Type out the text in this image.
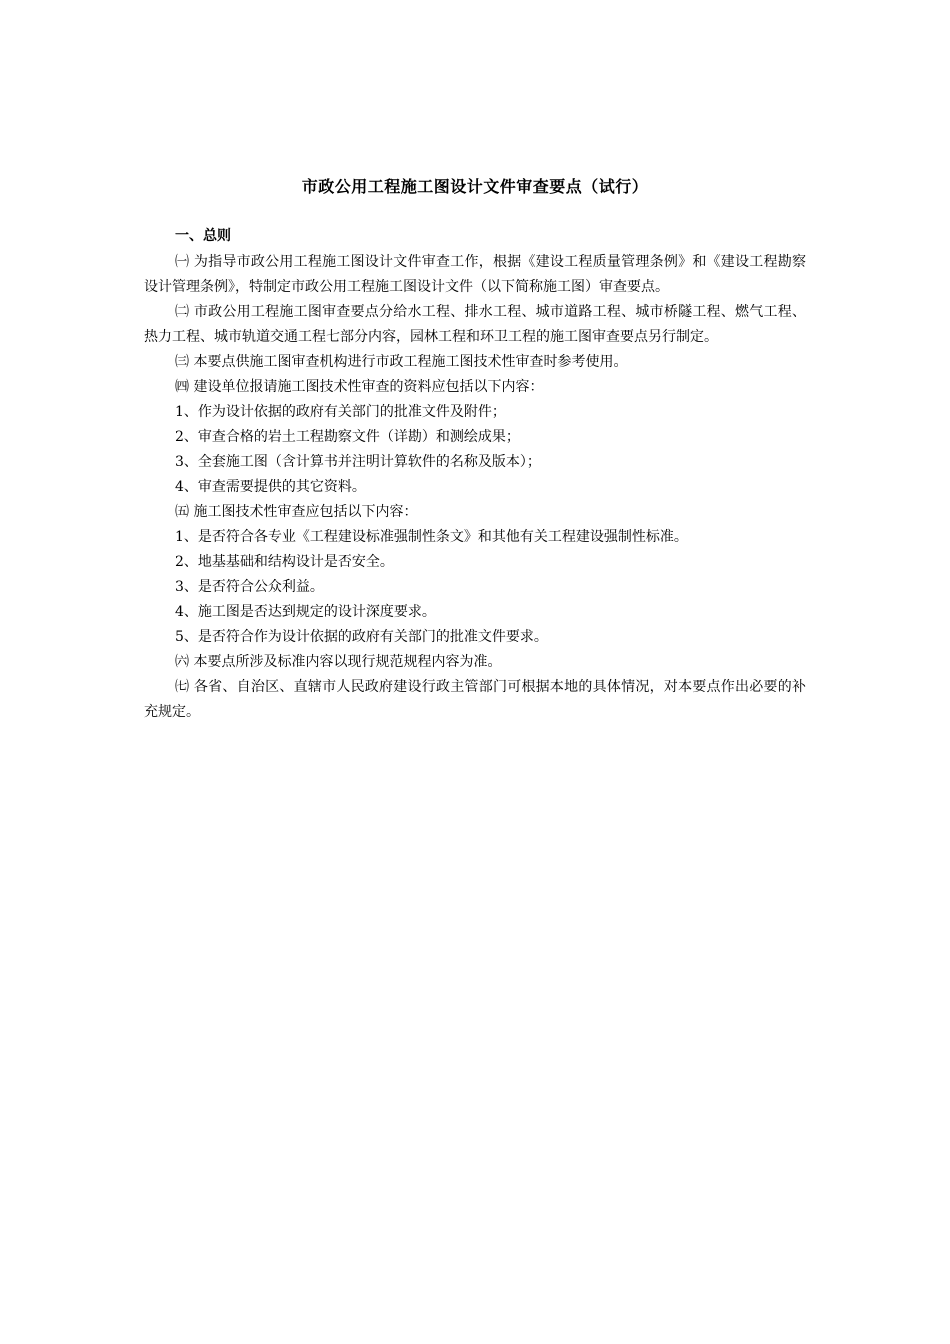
市政公用工程施工图设计文件审查要点（试行）
一、总则

㈠ 为指导市政公用工程施工图设计文件审查工作，根据《建设工程质量管理条例》和《建设工程勘察设计管理条例》，特制定市政公用工程施工图设计文件（以下简称施工图）审查要点。

㈡ 市政公用工程施工图审查要点分给水工程、排水工程、城市道路工程、城市桥隧工程、燃气工程、热力工程、城市轨道交通工程七部分内容，园林工程和环卫工程的施工图审查要点另行制定。

㈢ 本要点供施工图审查机构进行市政工程施工图技术性审查时参考使用。

㈣ 建设单位报请施工图技术性审查的资料应包括以下内容：

1、作为设计依据的政府有关部门的批准文件及附件；

2、审查合格的岩土工程勘察文件（详勘）和测绘成果；

3、全套施工图（含计算书并注明计算软件的名称及版本）；

4、审查需要提供的其它资料。

㈤ 施工图技术性审查应包括以下内容：

1、是否符合各专业《工程建设标准强制性条文》和其他有关工程建设强制性标准。

2、地基基础和结构设计是否安全。

3、是否符合公众利益。

4、施工图是否达到规定的设计深度要求。

5、是否符合作为设计依据的政府有关部门的批准文件要求。

㈥ 本要点所涉及标准内容以现行规范规程内容为准。

㈦ 各省、自治区、直辖市人民政府建设行政主管部门可根据本地的具体情况，对本要点作出必要的补充规定。
